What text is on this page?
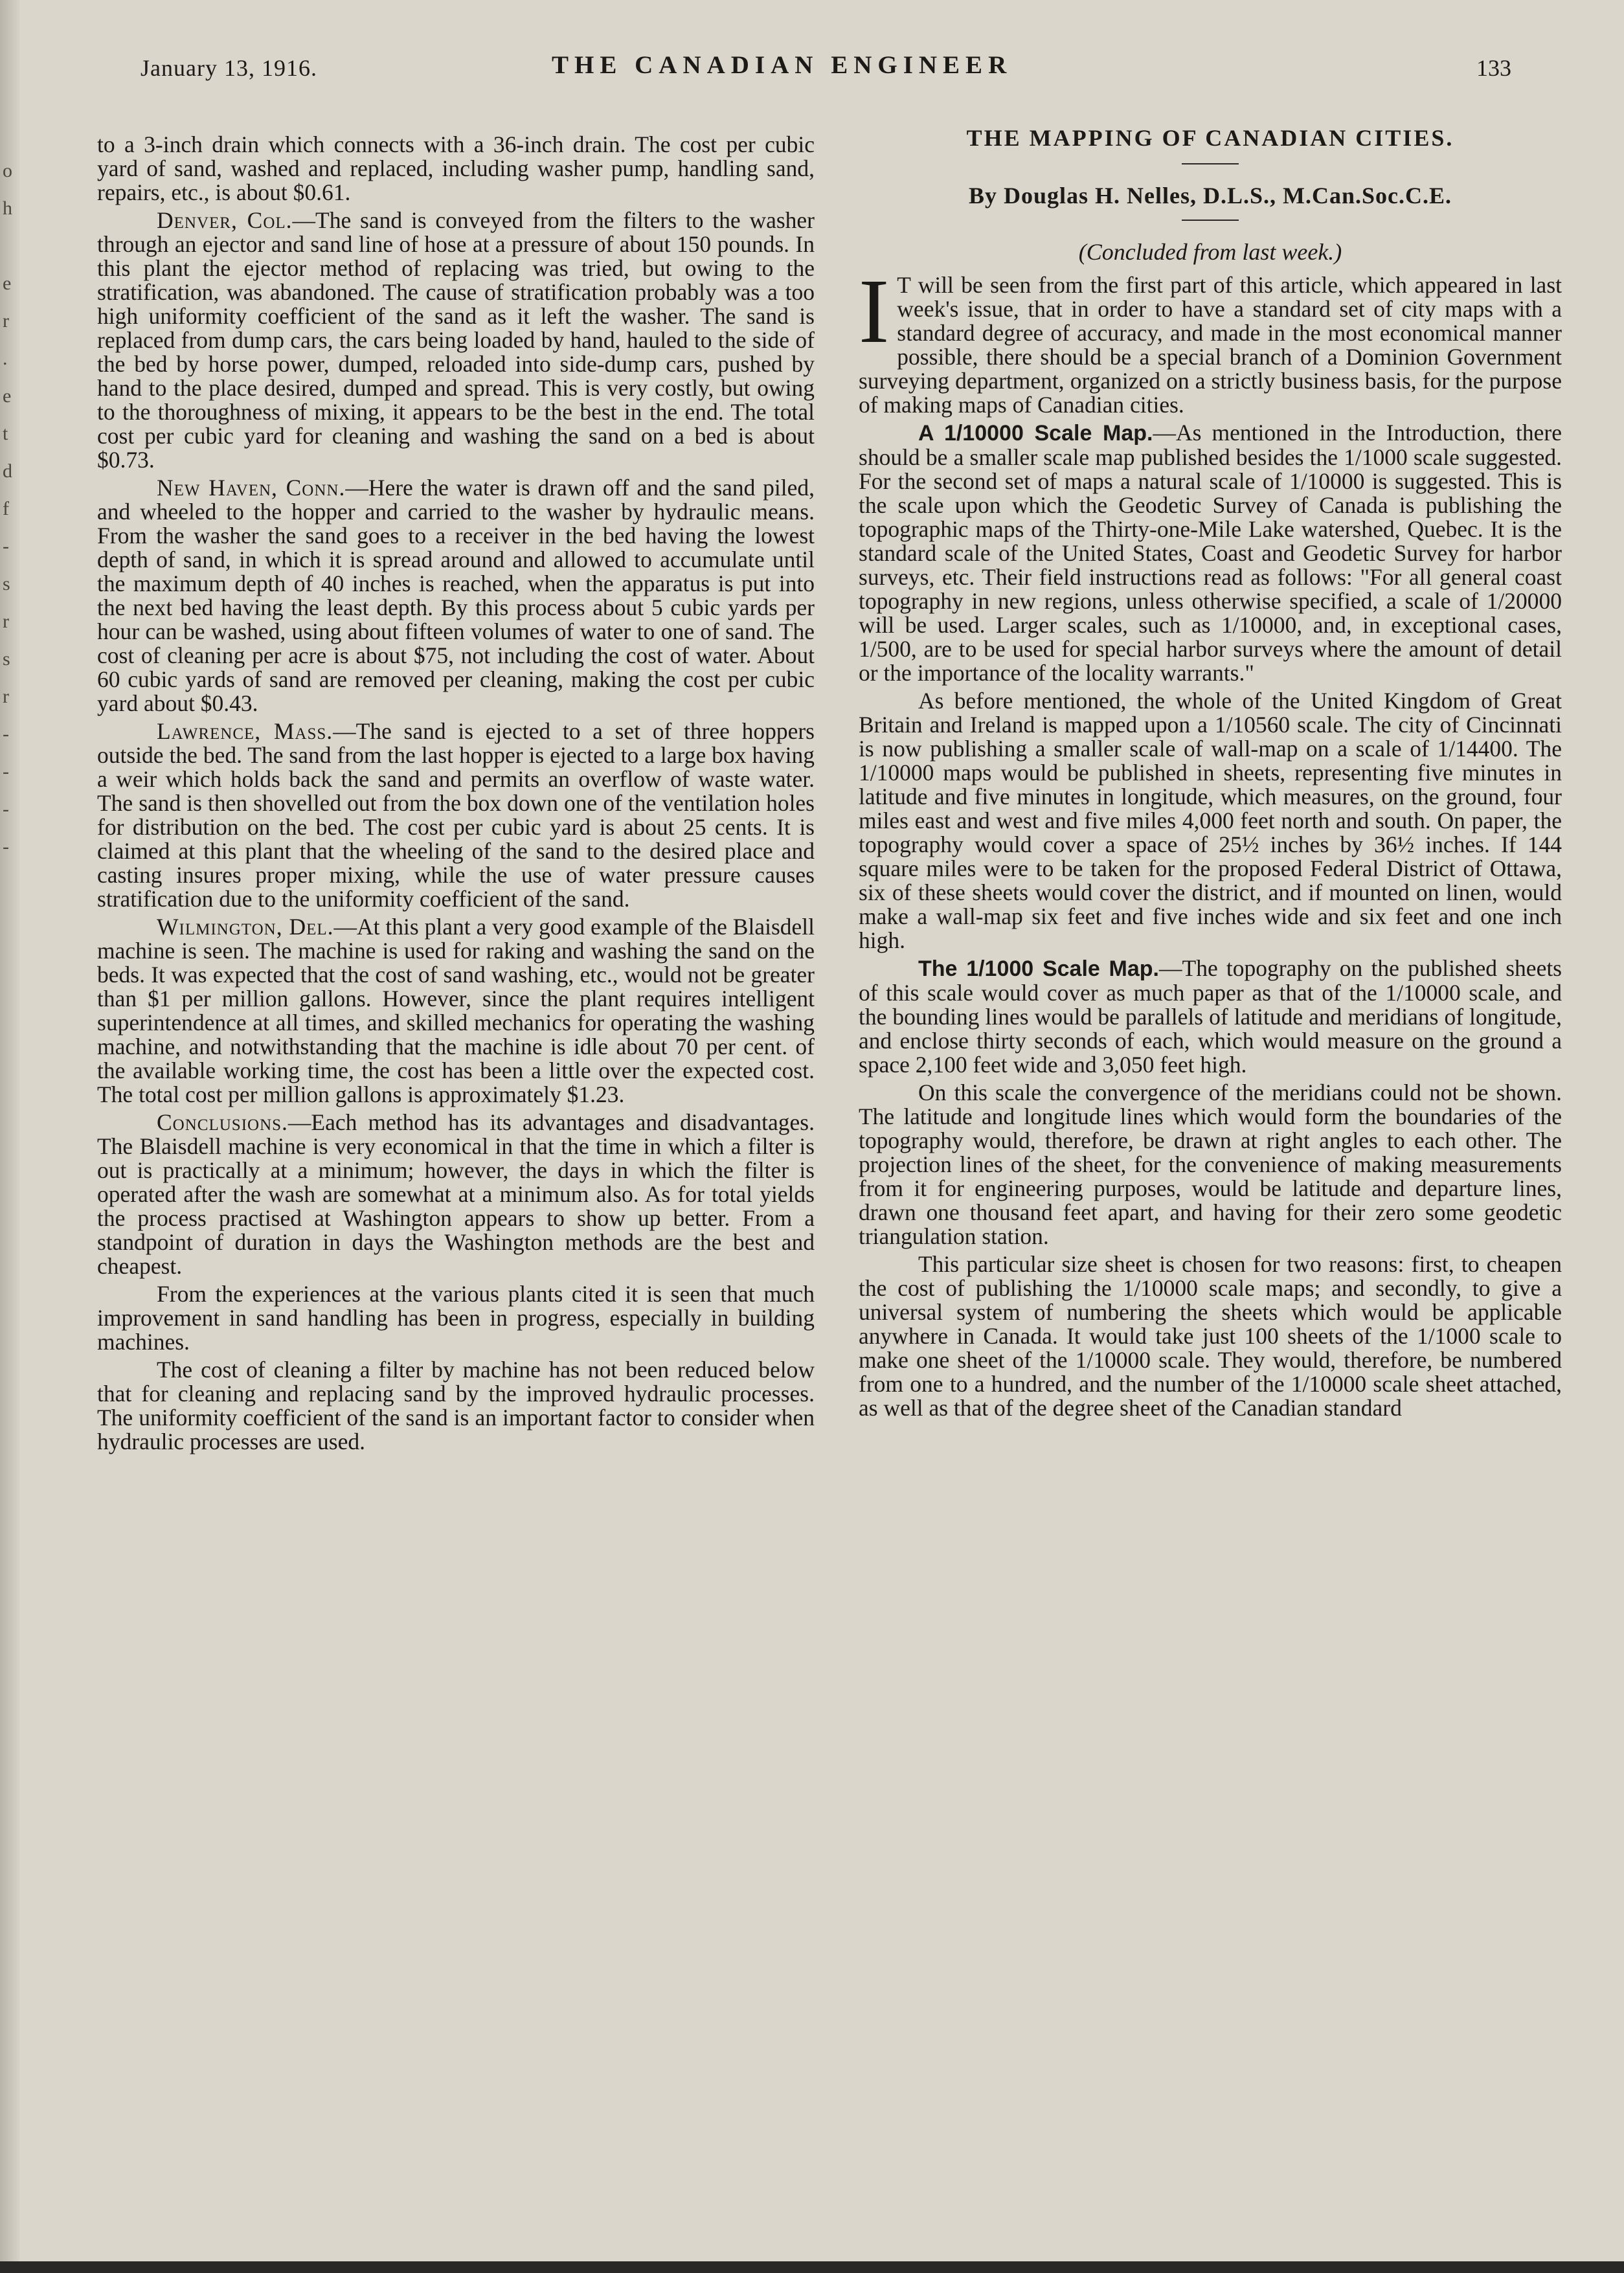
o
h
e
r
.
e
t
d
f
-
s
r
s
r
-
-
-
-
January 13, 1916.	THE CANADIAN ENGINEER	133

to a 3-inch drain which connects with a 36-inch drain. The cost per cubic yard of sand, washed and replaced, including washer pump, handling sand, repairs, etc., is about $0.61.

Denver, Col.—The sand is conveyed from the filters to the washer through an ejector and sand line of hose at a pressure of about 150 pounds. In this plant the ejector method of replacing was tried, but owing to the stratification, was abandoned. The cause of stratification probably was a too high uniformity coefficient of the sand as it left the washer. The sand is replaced from dump cars, the cars being loaded by hand, hauled to the side of the bed by horse power, dumped, reloaded into side-dump cars, pushed by hand to the place desired, dumped and spread. This is very costly, but owing to the thoroughness of mixing, it appears to be the best in the end. The total cost per cubic yard for cleaning and washing the sand on a bed is about $0.73.

New Haven, Conn.—Here the water is drawn off and the sand piled, and wheeled to the hopper and carried to the washer by hydraulic means. From the washer the sand goes to a receiver in the bed having the lowest depth of sand, in which it is spread around and allowed to accumulate until the maximum depth of 40 inches is reached, when the apparatus is put into the next bed having the least depth. By this process about 5 cubic yards per hour can be washed, using about fifteen volumes of water to one of sand. The cost of cleaning per acre is about $75, not including the cost of water. About 60 cubic yards of sand are removed per cleaning, making the cost per cubic yard about $0.43.

Lawrence, Mass.—The sand is ejected to a set of three hoppers outside the bed. The sand from the last hopper is ejected to a large box having a weir which holds back the sand and permits an overflow of waste water. The sand is then shovelled out from the box down one of the ventilation holes for distribution on the bed. The cost per cubic yard is about 25 cents. It is claimed at this plant that the wheeling of the sand to the desired place and casting insures proper mixing, while the use of water pressure causes stratification due to the uniformity coefficient of the sand.

Wilmington, Del.—At this plant a very good example of the Blaisdell machine is seen. The machine is used for raking and washing the sand on the beds. It was expected that the cost of sand washing, etc., would not be greater than $1 per million gallons. However, since the plant requires intelligent superintendence at all times, and skilled mechanics for operating the washing machine, and notwithstanding that the machine is idle about 70 per cent. of the available working time, the cost has been a little over the expected cost. The total cost per million gallons is approximately $1.23.

Conclusions.—Each method has its advantages and disadvantages. The Blaisdell machine is very economical in that the time in which a filter is out is practically at a minimum; however, the days in which the filter is operated after the wash are somewhat at a minimum also. As for total yields the process practised at Washington appears to show up better. From a standpoint of duration in days the Washington methods are the best and cheapest.

From the experiences at the various plants cited it is seen that much improvement in sand handling has been in progress, especially in building machines.

The cost of cleaning a filter by machine has not been reduced below that for cleaning and replacing sand by the improved hydraulic processes. The uniformity coefficient of the sand is an important factor to consider when hydraulic processes are used.

THE MAPPING OF CANADIAN CITIES.
By Douglas H. Nelles, D.L.S., M.Can.Soc.C.E.
(Concluded from last week.)

I T will be seen from the first part of this article, which appeared in last week's issue, that in order to have a standard set of city maps with a standard degree of accuracy, and made in the most economical manner possible, there should be a special branch of a Dominion Government surveying department, organized on a strictly business basis, for the purpose of making maps of Canadian cities.

A 1/10000 Scale Map.—As mentioned in the Introduction, there should be a smaller scale map published besides the 1/1000 scale suggested. For the second set of maps a natural scale of 1/10000 is suggested. This is the scale upon which the Geodetic Survey of Canada is publishing the topographic maps of the Thirty-one-Mile Lake watershed, Quebec. It is the standard scale of the United States, Coast and Geodetic Survey for harbor surveys, etc. Their field instructions read as follows: "For all general coast topography in new regions, unless otherwise specified, a scale of 1/20000 will be used. Larger scales, such as 1/10000, and, in exceptional cases, 1/500, are to be used for special harbor surveys where the amount of detail or the importance of the locality warrants."

As before mentioned, the whole of the United Kingdom of Great Britain and Ireland is mapped upon a 1/10560 scale. The city of Cincinnati is now publishing a smaller scale of wall-map on a scale of 1/14400. The 1/10000 maps would be published in sheets, representing five minutes in latitude and five minutes in longitude, which measures, on the ground, four miles east and west and five miles 4,000 feet north and south. On paper, the topography would cover a space of 25½ inches by 36½ inches. If 144 square miles were to be taken for the proposed Federal District of Ottawa, six of these sheets would cover the district, and if mounted on linen, would make a wall-map six feet and five inches wide and six feet and one inch high.

The 1/1000 Scale Map.—The topography on the published sheets of this scale would cover as much paper as that of the 1/10000 scale, and the bounding lines would be parallels of latitude and meridians of longitude, and enclose thirty seconds of each, which would measure on the ground a space 2,100 feet wide and 3,050 feet high.

On this scale the convergence of the meridians could not be shown. The latitude and longitude lines which would form the boundaries of the topography would, therefore, be drawn at right angles to each other. The projection lines of the sheet, for the convenience of making measurements from it for engineering purposes, would be latitude and departure lines, drawn one thousand feet apart, and having for their zero some geodetic triangulation station.

This particular size sheet is chosen for two reasons: first, to cheapen the cost of publishing the 1/10000 scale maps; and secondly, to give a universal system of numbering the sheets which would be applicable anywhere in Canada. It would take just 100 sheets of the 1/1000 scale to make one sheet of the 1/10000 scale. They would, therefore, be numbered from one to a hundred, and the number of the 1/10000 scale sheet attached, as well as that of the degree sheet of the Canadian standard
